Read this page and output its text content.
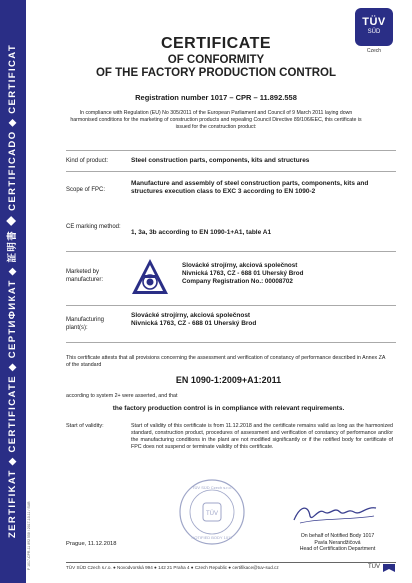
ZERTIFIKAT ◆ CERTIFICATE ◆ СЕРТИФИКАТ ◆ 証明書 ◆ CERTIFICADO ◆ CERTIFICAT	F 1017-CPR-11 892 558 / 2017-10-11 / SUB
TÜV
SÜD
Czech
CERTIFICATE
OF CONFORMITY
OF THE FACTORY PRODUCTION CONTROL
Registration number 1017 – CPR – 11.892.558
In compliance with Regulation (EU) No 305/2011 of the European Parliament and Council of 9 March 2011 laying down harmonised conditions for the marketing of construction products and repealing Council Directive 89/106/EEC, this certificate is issued for the construction product:
Kind of product:	Steel construction parts, components, kits and structures
Scope of FPC:
Manufacture and assembly of steel construction parts, components, kits and structures execution class to EXC 3 according to EN 1090-2
CE marking method:
1, 3a, 3b according to EN 1090-1+A1, table A1
Marketed by manufacturer:
Slovácké strojírny, akciová společnost
Nivnická 1763, CZ - 688 01 Uherský Brod
Company Registration No.: 00008702
Manufacturing plant(s):
Slovácké strojírny, akciová společnost
Nivnická 1763, CZ - 688 01 Uherský Brod
This certificate attests that all provisions concerning the assessment and verification of constancy of performance described in Annex ZA of the standard
EN 1090-1:2009+A1:2011
according to system 2+ were asserted, and that
the factory production control is in compliance with relevant requirements.
Start of validity:	Start of validity of this certificate is from 11.12.2018 and the certificate remains valid as long as the harmonized standard, construction product, procedures of assessment and verification of constancy of performance and/or the manufacturing conditions in the plant are not modified significantly or if the notified body for certificate of FPC does not suspend or terminate validity of this certificate.
TÜV
TÜV SÜD Czech s.r.o.
NOTIFIED BODY 1017
Prague, 11.12.2018
On behalf of Notified Body 1017
Pavla Nerandžičová
Head of Certification Department
TÜV SÜD Czech s.r.o. ● Novodvorská 994 ● 142 21 Praha 4 ● Czech Republic ● certifikace@tuv-sud.cz	TÜV
